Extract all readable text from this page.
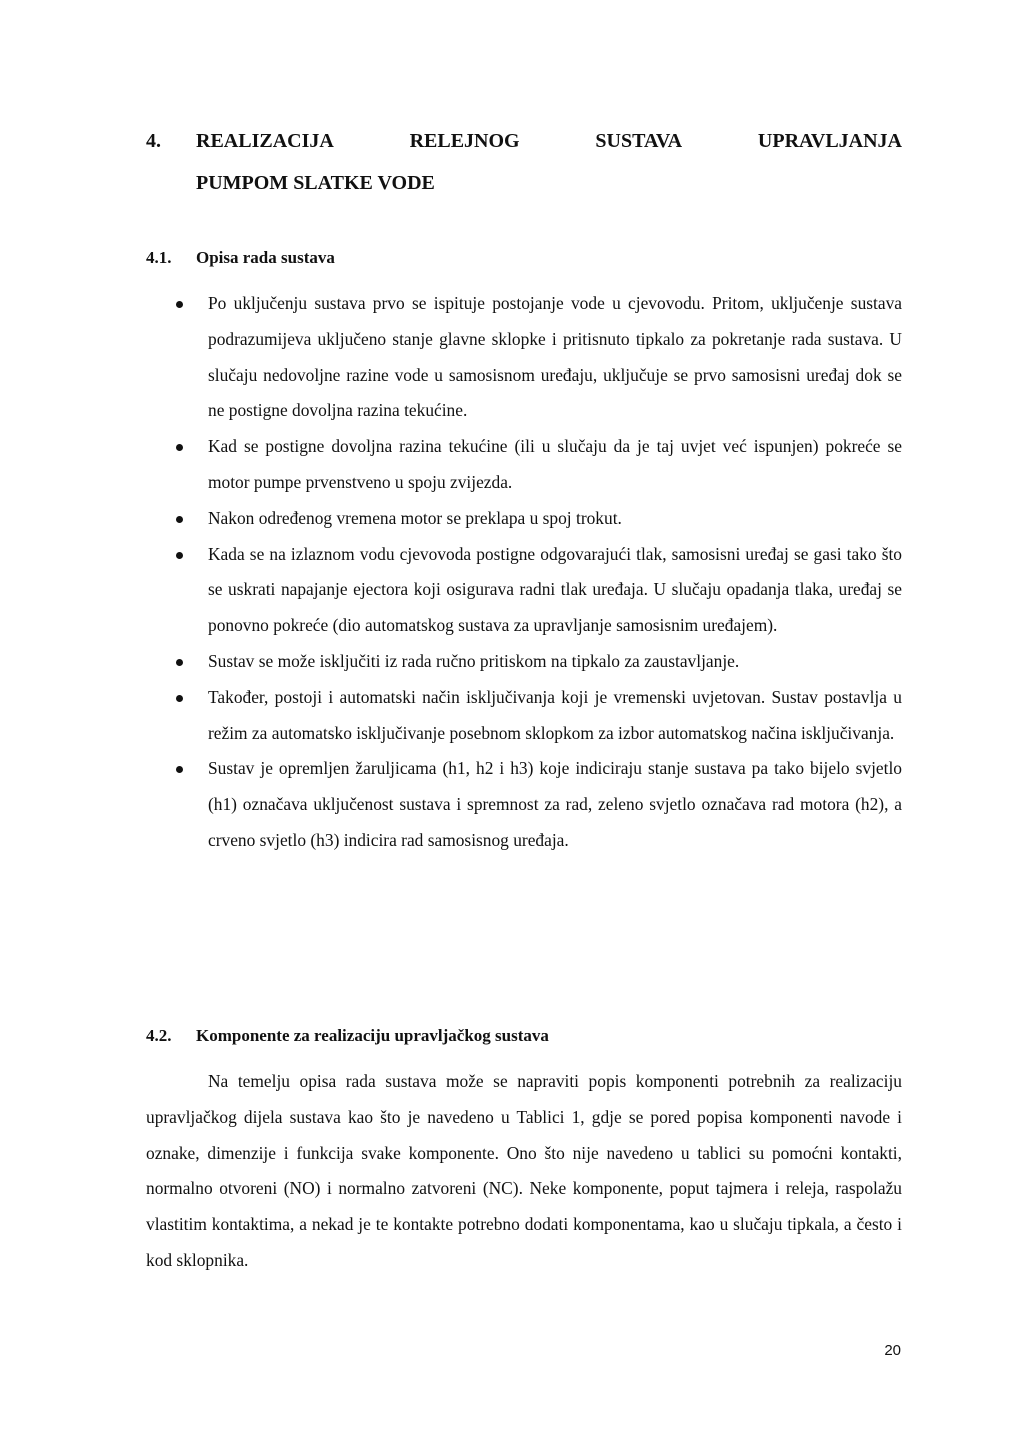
4. REALIZACIJA	RELEJNOG	SUSTAVA	UPRAVLJANJA
PUMPOM SLATKE VODE
4.1. Opisa rada sustava
Po uključenju sustava prvo se ispituje postojanje vode u cjevovodu. Pritom, uključenje sustava podrazumijeva uključeno stanje glavne sklopke i pritisnuto tipkalo za pokretanje rada sustava. U slučaju nedovoljne razine vode u samosisnom uređaju, uključuje se prvo samosisni uređaj dok se ne postigne dovoljna razina tekućine.
Kad se postigne dovoljna razina tekućine (ili u slučaju da je taj uvjet već ispunjen) pokreće se motor pumpe prvenstveno u spoju zvijezda.
Nakon određenog vremena motor se preklapa u spoj trokut.
Kada se na izlaznom vodu cjevovoda postigne odgovarajući tlak, samosisni uređaj se gasi tako što se uskrati napajanje ejectora koji osigurava radni tlak uređaja. U slučaju opadanja tlaka, uređaj se ponovno pokreće (dio automatskog sustava za upravljanje samosisnim uređajem).
Sustav se može isključiti iz rada ručno pritiskom na tipkalo za zaustavljanje.
Također, postoji i automatski način isključivanja koji je vremenski uvjetovan. Sustav postavlja u režim za automatsko isključivanje posebnom sklopkom za izbor automatskog načina isključivanja.
Sustav je opremljen žaruljicama (h1, h2 i h3) koje indiciraju stanje sustava pa tako bijelo svjetlo (h1) označava uključenost sustava i spremnost za rad, zeleno svjetlo označava rad motora (h2), a crveno svjetlo (h3) indicira rad samosisnog uređaja.
4.2. Komponente za realizaciju upravljačkog sustava

Na temelju opisa rada sustava može se napraviti popis komponenti potrebnih za realizaciju upravljačkog dijela sustava kao što je navedeno u Tablici 1, gdje se pored popisa komponenti navode i oznake, dimenzije i funkcija svake komponente. Ono što nije navedeno u tablici su pomoćni kontakti, normalno otvoreni (NO) i normalno zatvoreni (NC). Neke komponente, poput tajmera i releja, raspolažu vlastitim kontaktima, a nekad je te kontakte potrebno dodati komponentama, kao u slučaju tipkala, a često i kod sklopnika.

20
